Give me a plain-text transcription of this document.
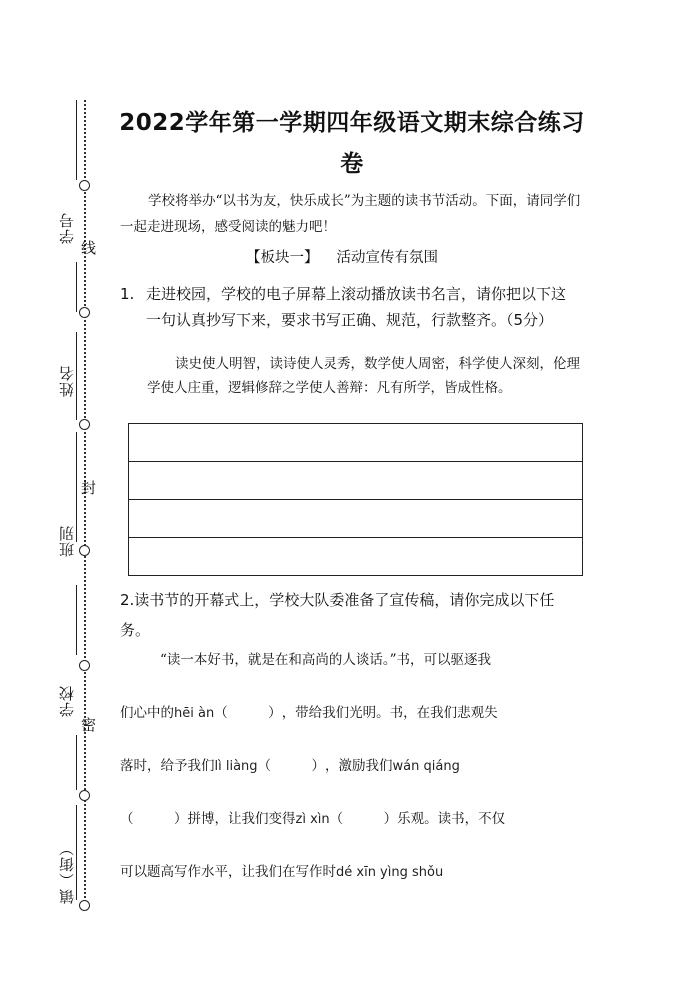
学号
姓名
班别
学校
镇（街）
线
封
密
2022学年第一学期四年级语文期末综合练习卷
学校将举办“以书为友，快乐成长”为主题的读书节活动。下面，请同学们一起走进现场，感受阅读的魅力吧！
【板块一】 活动宣传有氛围
1. 走进校园，学校的电子屏幕上滚动播放读书名言，请你把以下这一句认真抄写下来，要求书写正确、规范，行款整齐。（5分）
读史使人明智，读诗使人灵秀，数学使人周密，科学使人深刻，伦理学使人庄重，逻辑修辞之学使人善辩：凡有所学，皆成性格。
2.读书节的开幕式上，学校大队委准备了宣传稿，请你完成以下任务。
“读一本好书，就是在和高尚的人谈话。”书，可以驱逐我
们心中的hēi àn（　　　），带给我们光明。书，在我们悲观失
落时，给予我们lì liàng（　　　），激励我们wán qiáng
（　　　）拼博，让我们变得zì xìn（　　　）乐观。读书，不仅
可以题高写作水平，让我们在写作时dé xīn yìng shǒu
